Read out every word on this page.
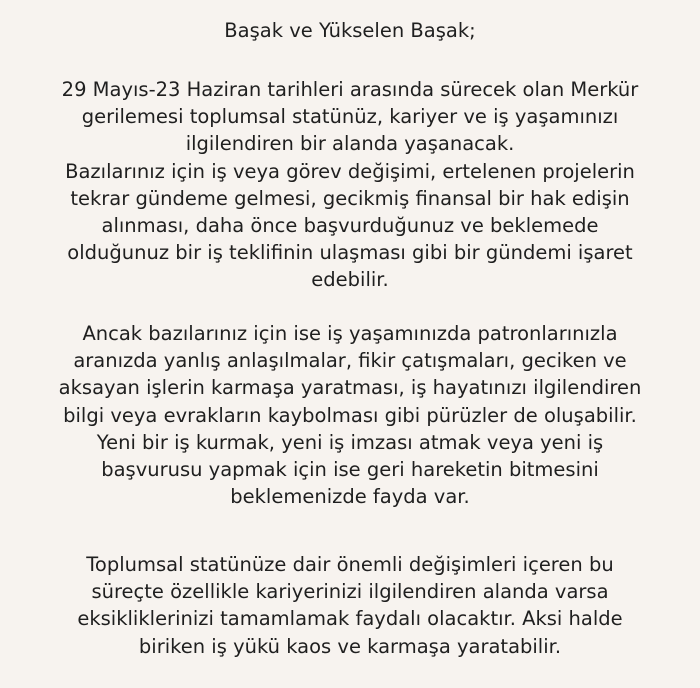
Başak ve Yükselen Başak;
29 Mayıs-23 Haziran tarihleri arasında sürecek olan Merkür
gerilemesi toplumsal statünüz, kariyer ve iş yaşamınızı
ilgilendiren bir alanda yaşanacak.
Bazılarınız için iş veya görev değişimi, ertelenen projelerin
tekrar gündeme gelmesi, gecikmiş finansal bir hak edişin
alınması, daha önce başvurduğunuz ve beklemede
olduğunuz bir iş teklifinin ulaşması gibi bir gündemi işaret
edebilir.
Ancak bazılarınız için ise iş yaşamınızda patronlarınızla
aranızda yanlış anlaşılmalar, fikir çatışmaları, geciken ve
aksayan işlerin karmaşa yaratması, iş hayatınızı ilgilendiren
bilgi veya evrakların kaybolması gibi pürüzler de oluşabilir.
Yeni bir iş kurmak, yeni iş imzası atmak veya yeni iş
başvurusu yapmak için ise geri hareketin bitmesini
beklemenizde fayda var.
Toplumsal statünüze dair önemli değişimleri içeren bu
süreçte özellikle kariyerinizi ilgilendiren alanda varsa
eksikliklerinizi tamamlamak faydalı olacaktır. Aksi halde
biriken iş yükü kaos ve karmaşa yaratabilir.
